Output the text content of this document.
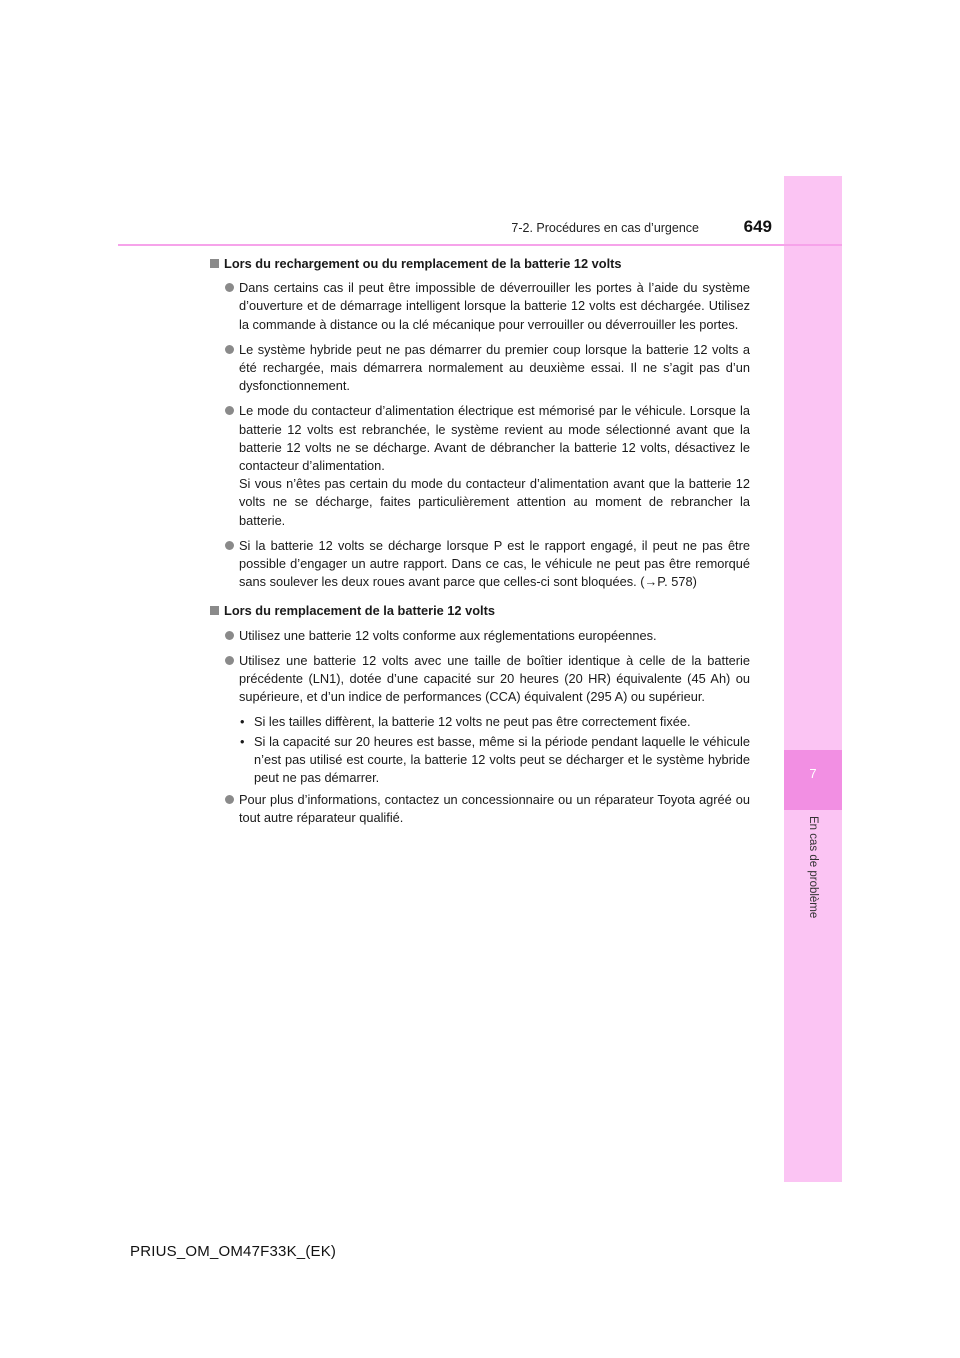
7
En cas de problème
7-2. Procédures en cas d’urgence	649
Lors du rechargement ou du remplacement de la batterie 12 volts
Dans certains cas il peut être impossible de déverrouiller les portes à l’aide du système d’ouverture et de démarrage intelligent lorsque la batterie 12 volts est déchargée. Utilisez la commande à distance ou la clé mécanique pour verrouiller ou déverrouiller les portes.
Le système hybride peut ne pas démarrer du premier coup lorsque la batterie 12 volts a été rechargée, mais démarrera normalement au deuxième essai. Il ne s’agit pas d’un dysfonctionnement.
Le mode du contacteur d’alimentation électrique est mémorisé par le véhicule. Lorsque la batterie 12 volts est rebranchée, le système revient au mode sélectionné avant que la batterie 12 volts ne se décharge. Avant de débrancher la batterie 12 volts, désactivez le contacteur d’alimentation.
Si vous n’êtes pas certain du mode du contacteur d’alimentation avant que la batterie 12 volts ne se décharge, faites particulièrement attention au moment de rebrancher la batterie.
Si la batterie 12 volts se décharge lorsque P est le rapport engagé, il peut ne pas être possible d’engager un autre rapport. Dans ce cas, le véhicule ne peut pas être remorqué sans soulever les deux roues avant parce que celles-ci sont bloquées. (→P. 578)
Lors du remplacement de la batterie 12 volts
Utilisez une batterie 12 volts conforme aux réglementations européennes.
Utilisez une batterie 12 volts avec une taille de boîtier identique à celle de la batterie précédente (LN1), dotée d’une capacité sur 20 heures (20 HR) équivalente (45 Ah) ou supérieure, et d’un indice de performances (CCA) équivalent (295 A) ou supérieur.
• Si les tailles diffèrent, la batterie 12 volts ne peut pas être correctement fixée.
• Si la capacité sur 20 heures est basse, même si la période pendant laquelle le véhicule n’est pas utilisé est courte, la batterie 12 volts peut se décharger et le système hybride peut ne pas démarrer.
Pour plus d’informations, contactez un concessionnaire ou un réparateur Toyota agréé ou tout autre réparateur qualifié.
PRIUS_OM_OM47F33K_(EK)
